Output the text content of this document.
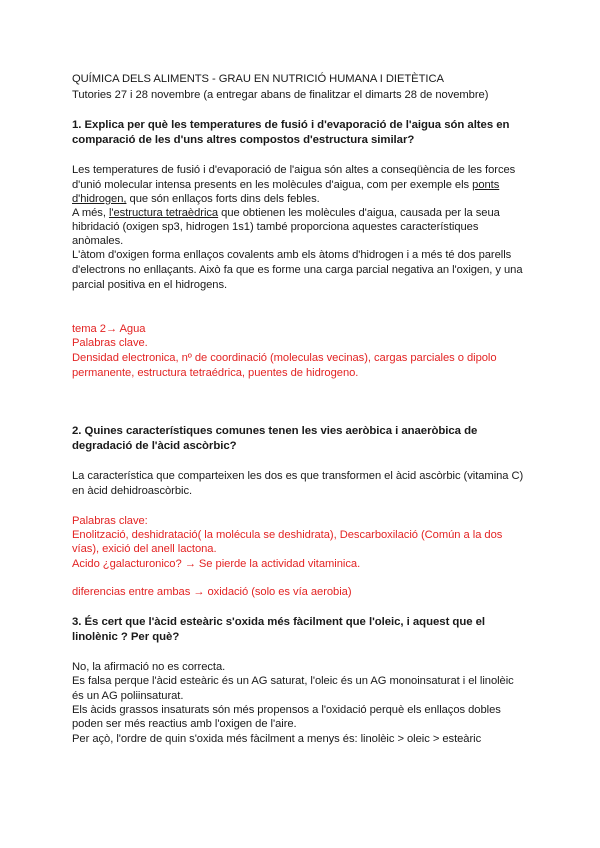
QUÍMICA DELS ALIMENTS - GRAU EN NUTRICIÓ HUMANA I DIETÈTICA
Tutories 27 i 28 novembre (a entregar abans de finalitzar el dimarts 28 de novembre)
1. Explica per què les temperatures de fusió i d'evaporació de l'aigua són altes en
comparació de les d'uns altres compostos d'estructura similar?
Les temperatures de fusió i d'evaporació de l'aigua són altes a conseqüència de les forces
d'unió molecular intensa presents en les molècules d'aigua, com per exemple els ponts
d'hidrogen, que són enllaços forts dins dels febles.
A més, l'estructura tetraèdrica que obtienen les molècules d'aigua, causada per la seua
hibridació (oxigen sp3, hidrogen 1s1) també proporciona aquestes característiques
anòmales.
L'àtom d'oxigen forma enllaços covalents amb els àtoms d'hidrogen i a més té dos parells
d'electrons no enllaçants. Això fa que es forme una carga parcial negativa an l'oxigen, y una
parcial positiva en el hidrogens.
tema 2→ Agua
Palabras clave.
Densidad electronica, nº de coordinació (moleculas vecinas), cargas parciales o dipolo
permanente, estructura tetraédrica, puentes de hidrogeno.
2. Quines característiques comunes tenen les vies aeròbica i anaeròbica de
degradació de l'àcid ascòrbic?
La característica que comparteixen les dos es que transformen el àcid ascòrbic (vitamina C)
en àcid dehidroascòrbic.
Palabras clave:
Enolització, deshidratació( la molécula se deshidrata), Descarboxilació (Común a la dos
vías), exició del anell lactona.
Acido ¿galacturonico? → Se pierde la actividad vitaminica.
diferencias entre ambas → oxidació (solo es vía aerobia)
3. És cert que l'àcid esteàric s'oxida més fàcilment que l'oleic, i aquest que el
linolènic ? Per què?
No, la afirmació no es correcta.
Es falsa perque l'àcid esteàric és un AG saturat, l'oleic és un AG monoinsaturat i el linolèic
és un AG poliinsaturat.
Els àcids grassos insaturats són més propensos a l'oxidació perquè els enllaços dobles
poden ser més reactius amb l'oxigen de l'aire.
Per açò, l'ordre de quin s'oxida més fàcilment a menys és: linolèic > oleic > esteàric
